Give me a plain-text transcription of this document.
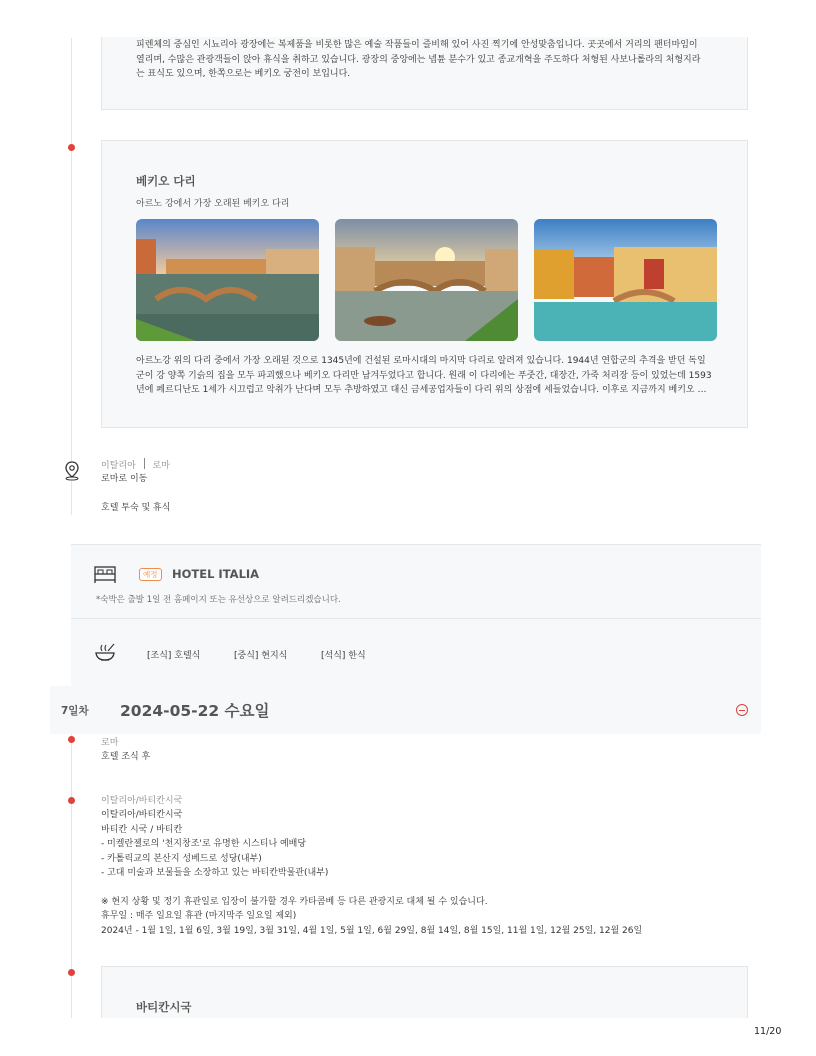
피렌체의 중심인 시뇨리아 광장에는 복제품을 비롯한 많은 예술 작품들이 즐비해 있어 사진 찍기에 안성맞춤입니다. 곳곳에서 거리의 팬터마임이
열리며, 수많은 관광객들이 앉아 휴식을 취하고 있습니다. 광장의 중앙에는 넵튠 분수가 있고 종교개혁을 주도하다 처형된 사보나롤라의 처형지라
는 표식도 있으며, 한쪽으로는 베키오 궁전이 보입니다.
베키오 다리
아르노 강에서 가장 오래된 베키오 다리
아르노강 위의 다리 중에서 가장 오래된 것으로 1345년에 건설된 로마시대의 마지막 다리로 알려져 있습니다. 1944년 연합군의 추격을 받던 독일
군이 강 양쪽 기슭의 집을 모두 파괴했으나 베키오 다리만 남겨두었다고 합니다. 원래 이 다리에는 푸줏간, 대장간, 가죽 처리장 등이 있었는데 1593
년에 페르디난도 1세가 시끄럽고 악취가 난다며 모두 추방하였고 대신 금세공업자들이 다리 위의 상점에 세들었습니다. 이후로 지금까지 베키오 …
이탈리아 로마
로마로 이동
호텔 투숙 및 휴식
예정	HOTEL ITALIA
*숙박은 출발 1일 전 홈페이지 또는 유선상으로 알려드리겠습니다.
[조식] 호텔식	[중식] 현지식	[석식] 한식
7일차 2024-05-22 수요일
로마
호텔 조식 후
이탈리아/바티칸시국
이탈리아/바티칸시국
바티칸 시국 / 바티칸
- 미켈란젤로의 '천지창조'로 유명한 시스티나 예배당
- 카톨릭교의 본산지 성베드로 성당(내부)
- 고대 미술과 보물들을 소장하고 있는 바티칸박물관(내부)
※ 현지 상황 및 정기 휴관일로 입장이 불가할 경우 카타콤베 등 다른 관광지로 대체 될 수 있습니다.
휴무일 : 매주 일요일 휴관 (마지막주 일요일 제외)
2024년 - 1월 1일, 1월 6일, 3월 19일, 3월 31일, 4월 1일, 5월 1일, 6월 29일, 8월 14일, 8월 15일, 11월 1일, 12월 25일, 12월 26일
바티칸시국
11/20
